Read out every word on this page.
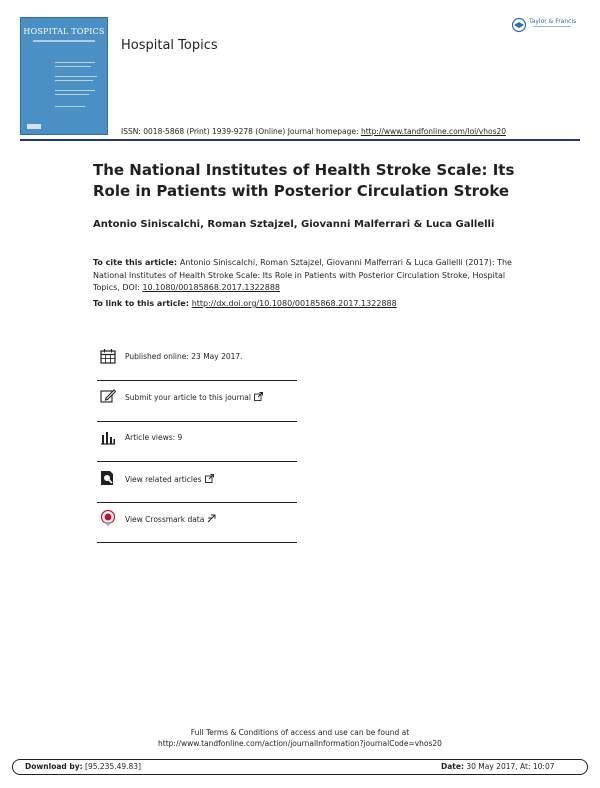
HOSPITAL TOPICS
Hospital Topics
Taylor & Francis
ISSN: 0018-5868 (Print) 1939-9278 (Online) Journal homepage: http://www.tandfonline.com/loi/vhos20
The National Institutes of Health Stroke Scale: Its Role in Patients with Posterior Circulation Stroke
Antonio Siniscalchi, Roman Sztajzel, Giovanni Malferrari & Luca Gallelli
To cite this article: Antonio Siniscalchi, Roman Sztajzel, Giovanni Malferrari & Luca Gallelli (2017): The National Institutes of Health Stroke Scale: Its Role in Patients with Posterior Circulation Stroke, Hospital Topics, DOI: 10.1080/00185868.2017.1322888
To link to this article: http://dx.doi.org/10.1080/00185868.2017.1322888
Published online: 23 May 2017.
Submit your article to this journal
Article views: 9
View related articles
View Crossmark data
Full Terms & Conditions of access and use can be found at
http://www.tandfonline.com/action/journalInformation?journalCode=vhos20
Download by: [95.235.49.83]	Date: 30 May 2017, At: 10:07
